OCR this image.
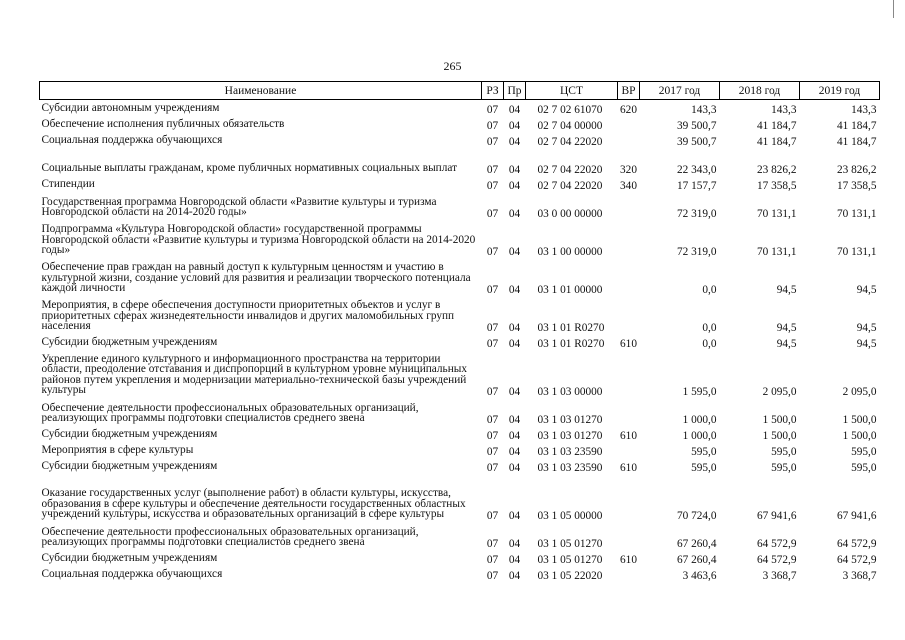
265
Наименование	РЗ	Пр	ЦСТ	ВР	2017 год	2018 год	2019 год
Субсидии автономным учреждениям	07	04	02 7 02 61070	620	143,3	143,3	143,3
Обеспечение исполнения публичных обязательств	07	04	02 7 04 00000		39 500,7	41 184,7	41 184,7
Социальная поддержка обучающихся	07	04	02 7 04 22020		39 500,7	41 184,7	41 184,7
Социальные выплаты гражданам, кроме публичных нормативных социальных выплат	07	04	02 7 04 22020	320	22 343,0	23 826,2	23 826,2
Стипендии	07	04	02 7 04 22020	340	17 157,7	17 358,5	17 358,5
Государственная программа Новгородской области «Развитие культуры и туризма Новгородской области на 2014-2020 годы»	07	04	03 0 00 00000		72 319,0	70 131,1	70 131,1
Подпрограмма «Культура Новгородской области» государственной программы Новгородской области «Развитие культуры и туризма Новгородской области на 2014-2020 годы»	07	04	03 1 00 00000		72 319,0	70 131,1	70 131,1
Обеспечение прав граждан на равный доступ к культурным ценностям и участию в культурной жизни, создание условий для развития и реализации творческого потенциала каждой личности	07	04	03 1 01 00000		0,0	94,5	94,5
Мероприятия, в сфере обеспечения доступности приоритетных объектов и услуг в приоритетных сферах жизнедеятельности инвалидов и других маломобильных групп населения	07	04	03 1 01 R0270		0,0	94,5	94,5
Субсидии бюджетным учреждениям	07	04	03 1 01 R0270	610	0,0	94,5	94,5
Укрепление единого культурного и информационного пространства на территории области, преодоление отставания и диспропорций в культурном уровне муниципальных районов путем укрепления и модернизации материально-технической базы учреждений культуры	07	04	03 1 03 00000		1 595,0	2 095,0	2 095,0
Обеспечение деятельности профессиональных образовательных организаций, реализующих программы подготовки специалистов среднего звена	07	04	03 1 03 01270		1 000,0	1 500,0	1 500,0
Субсидии бюджетным учреждениям	07	04	03 1 03 01270	610	1 000,0	1 500,0	1 500,0
Мероприятия в сфере культуры	07	04	03 1 03 23590		595,0	595,0	595,0
Субсидии бюджетным учреждениям	07	04	03 1 03 23590	610	595,0	595,0	595,0
Оказание государственных услуг (выполнение работ) в области культуры, искусства, образования в сфере культуры и обеспечение деятельности государственных областных учреждений культуры, искусства и образовательных организаций в сфере культуры	07	04	03 1 05 00000		70 724,0	67 941,6	67 941,6
Обеспечение деятельности профессиональных образовательных организаций, реализующих программы подготовки специалистов среднего звена	07	04	03 1 05 01270		67 260,4	64 572,9	64 572,9
Субсидии бюджетным учреждениям	07	04	03 1 05 01270	610	67 260,4	64 572,9	64 572,9
Социальная поддержка обучающихся	07	04	03 1 05 22020		3 463,6	3 368,7	3 368,7
